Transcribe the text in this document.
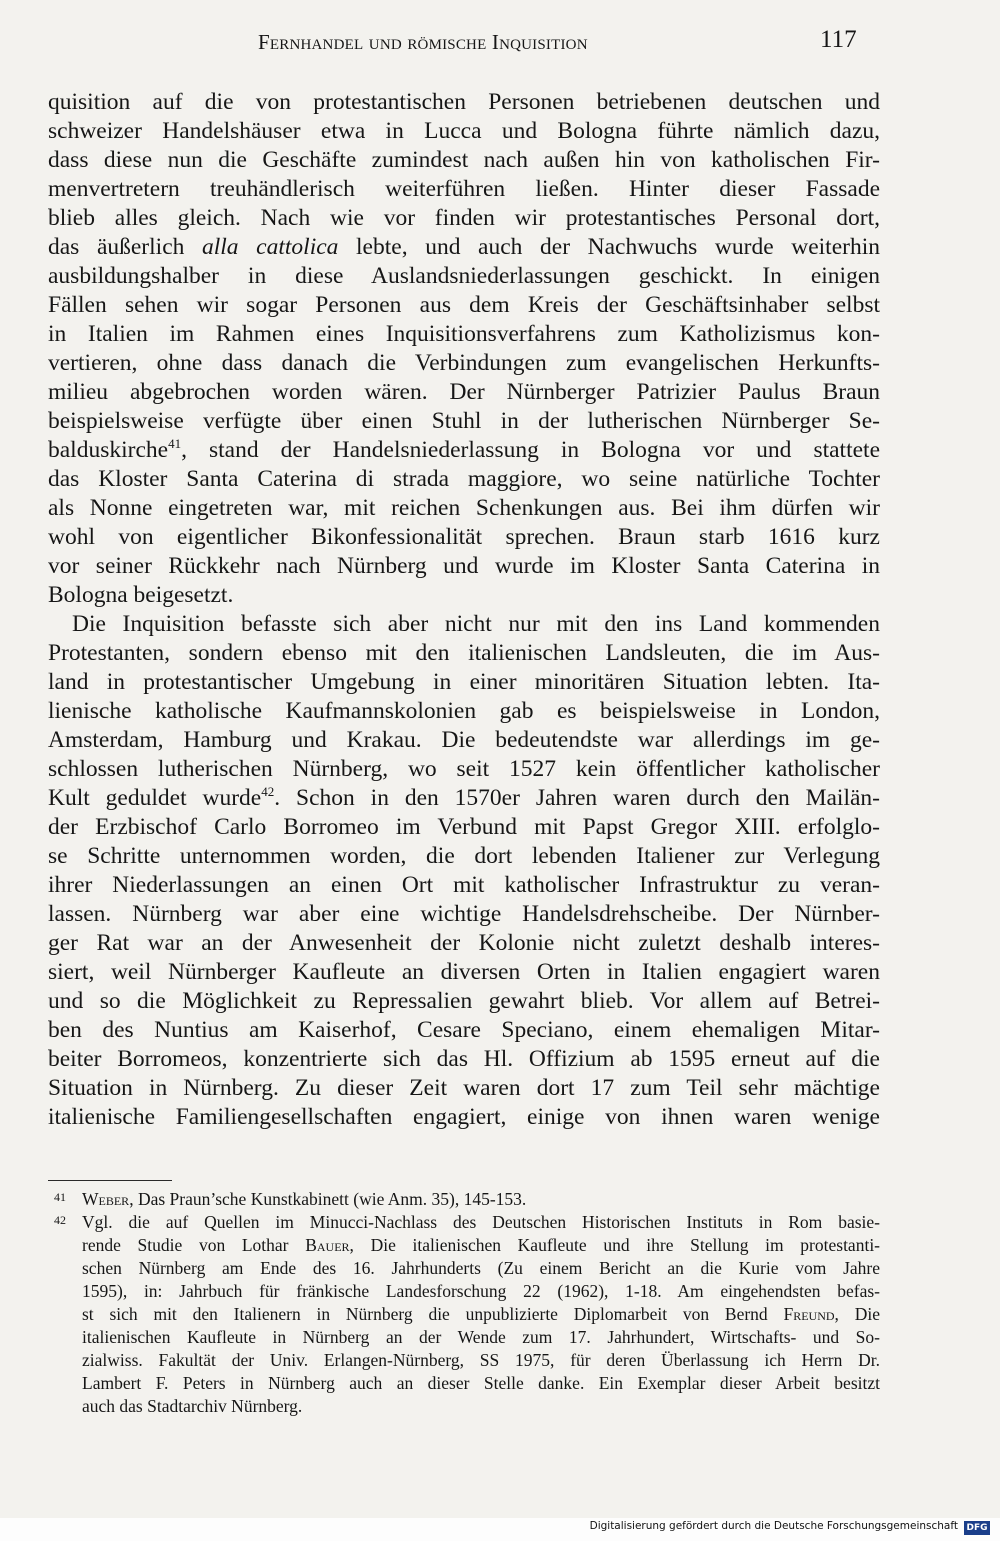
Fernhandel und römische Inquisition	117
quisition auf die von protestantischen Personen betriebenen deutschen und
schweizer Handelshäuser etwa in Lucca und Bologna führte nämlich dazu,
dass diese nun die Geschäfte zumindest nach außen hin von katholischen Fir-
menvertretern treuhändlerisch weiterführen ließen. Hinter dieser Fassade
blieb alles gleich. Nach wie vor finden wir protestantisches Personal dort,
das äußerlich alla cattolica lebte, und auch der Nachwuchs wurde weiterhin
ausbildungshalber in diese Auslandsniederlassungen geschickt. In einigen
Fällen sehen wir sogar Personen aus dem Kreis der Geschäftsinhaber selbst
in Italien im Rahmen eines Inquisitionsverfahrens zum Katholizismus kon-
vertieren, ohne dass danach die Verbindungen zum evangelischen Herkunfts-
milieu abgebrochen worden wären. Der Nürnberger Patrizier Paulus Braun
beispielsweise verfügte über einen Stuhl in der lutherischen Nürnberger Se-
balduskirche$^{41}$, stand der Handelsniederlassung in Bologna vor und stattete
das Kloster Santa Caterina di strada maggiore, wo seine natürliche Tochter
als Nonne eingetreten war, mit reichen Schenkungen aus. Bei ihm dürfen wir
wohl von eigentlicher Bikonfessionalität sprechen. Braun starb 1616 kurz
vor seiner Rückkehr nach Nürnberg und wurde im Kloster Santa Caterina in
Bologna beigesetzt.
Die Inquisition befasste sich aber nicht nur mit den ins Land kommenden
Protestanten, sondern ebenso mit den italienischen Landsleuten, die im Aus-
land in protestantischer Umgebung in einer minoritären Situation lebten. Ita-
lienische katholische Kaufmannskolonien gab es beispielsweise in London,
Amsterdam, Hamburg und Krakau. Die bedeutendste war allerdings im ge-
schlossen lutherischen Nürnberg, wo seit 1527 kein öffentlicher katholischer
Kult geduldet wurde$^{42}$. Schon in den 1570er Jahren waren durch den Mailän-
der Erzbischof Carlo Borromeo im Verbund mit Papst Gregor XIII. erfolglo-
se Schritte unternommen worden, die dort lebenden Italiener zur Verlegung
ihrer Niederlassungen an einen Ort mit katholischer Infrastruktur zu veran-
lassen. Nürnberg war aber eine wichtige Handelsdrehscheibe. Der Nürnber-
ger Rat war an der Anwesenheit der Kolonie nicht zuletzt deshalb interes-
siert, weil Nürnberger Kaufleute an diversen Orten in Italien engagiert waren
und so die Möglichkeit zu Repressalien gewahrt blieb. Vor allem auf Betrei-
ben des Nuntius am Kaiserhof, Cesare Speciano, einem ehemaligen Mitar-
beiter Borromeos, konzentrierte sich das Hl. Offizium ab 1595 erneut auf die
Situation in Nürnberg. Zu dieser Zeit waren dort 17 zum Teil sehr mächtige
italienische Familiengesellschaften engagiert, einige von ihnen waren wenige
41 Weber, Das Praun’sche Kunstkabinett (wie Anm. 35), 145-153.
42 Vgl. die auf Quellen im Minucci-Nachlass des Deutschen Historischen Instituts in Rom basie-
rende Studie von Lothar Bauer, Die italienischen Kaufleute und ihre Stellung im protestanti-
schen Nürnberg am Ende des 16. Jahrhunderts (Zu einem Bericht an die Kurie vom Jahre
1595), in: Jahrbuch für fränkische Landesforschung 22 (1962), 1-18. Am eingehendsten befas-
st sich mit den Italienern in Nürnberg die unpublizierte Diplomarbeit von Bernd Freund, Die
italienischen Kaufleute in Nürnberg an der Wende zum 17. Jahrhundert, Wirtschafts- und So-
zialwiss. Fakultät der Univ. Erlangen-Nürnberg, SS 1975, für deren Überlassung ich Herrn Dr.
Lambert F. Peters in Nürnberg auch an dieser Stelle danke. Ein Exemplar dieser Arbeit besitzt
auch das Stadtarchiv Nürnberg.
Digitalisierung gefördert durch die Deutsche Forschungsgemeinschaft DFG
